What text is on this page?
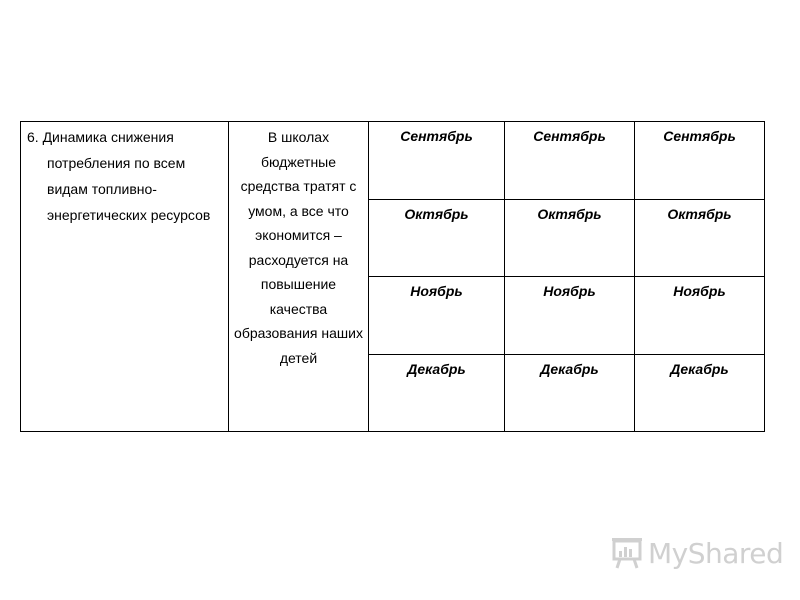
6. Динамика снижения потребления по всем видам топливно-энергетических ресурсов	В школах бюджетные средства тратят с умом, а все что экономится – расходуется на повышение качества образования наших детей	Сентябрь	Сентябрь	Сентябрь
		Октябрь	Октябрь	Октябрь
		Ноябрь	Ноябрь	Ноябрь
		Декабрь	Декабрь	Декабрь
MyShared
